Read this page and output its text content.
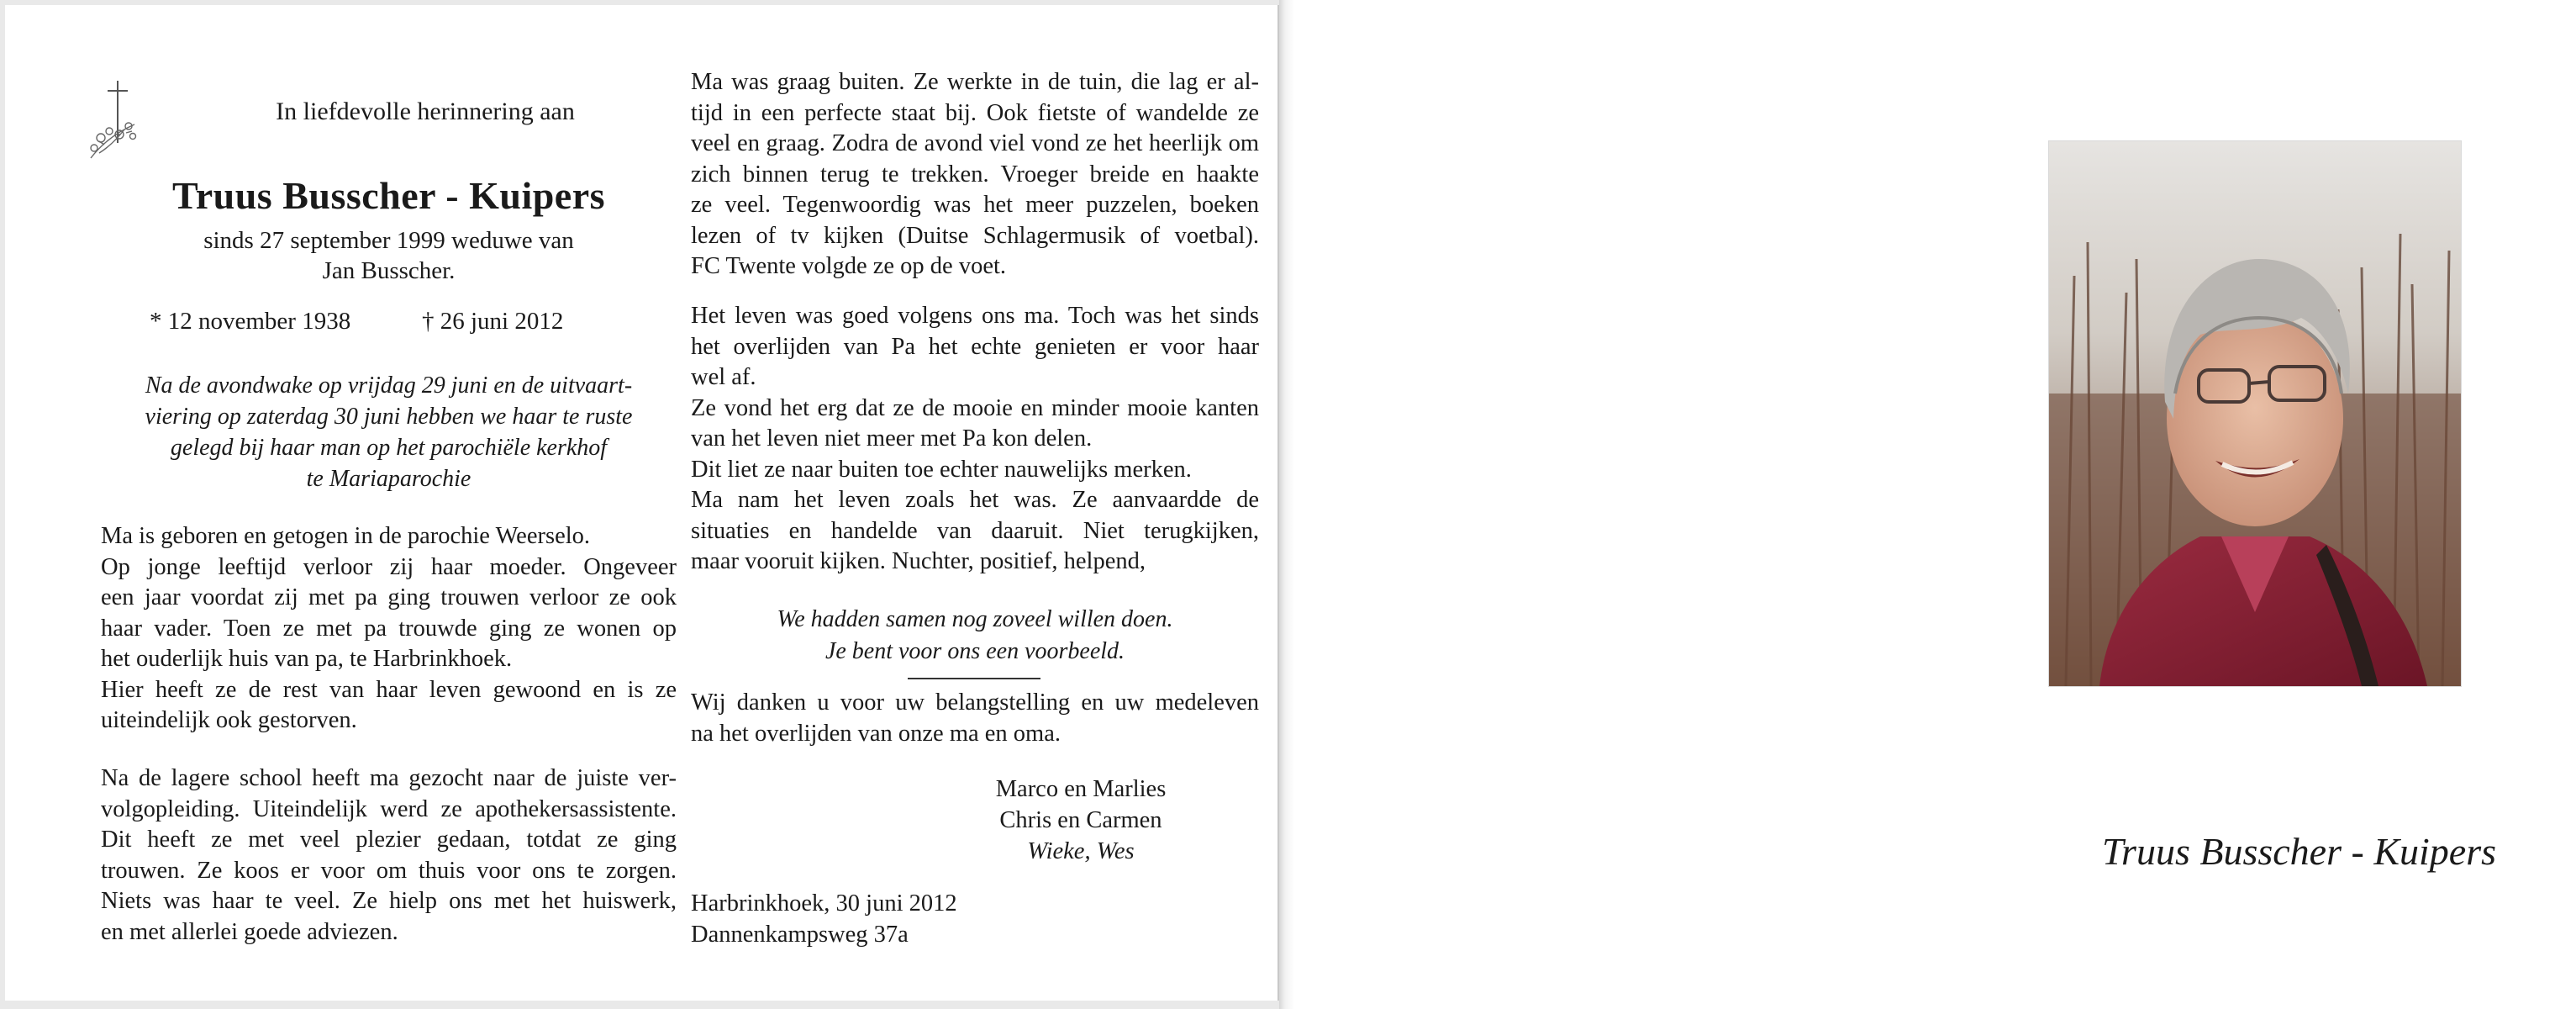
In liefdevolle herinnering aan
Truus Busscher - Kuipers
sinds 27 september 1999 weduwe van
Jan Busscher.
* 12 november 1938	† 26 juni 2012
Na de avondwake op vrijdag 29 juni en de uitvaart-
viering op zaterdag 30 juni hebben we haar te ruste
gelegd bij haar man op het parochiële kerkhof
te Mariaparochie
Ma is geboren en getogen in de parochie Weerselo.
Op jonge leeftijd verloor zij haar moeder. Ongeveer
een jaar voordat zij met pa ging trouwen verloor ze ook
haar vader. Toen ze met pa trouwde ging ze wonen op
het ouderlijk huis van pa, te Harbrinkhoek.
Hier heeft ze de rest van haar leven gewoond en is ze
uiteindelijk ook gestorven.
Na de lagere school heeft ma gezocht naar de juiste ver-
volgopleiding. Uiteindelijk werd ze apothekersassistente.
Dit heeft ze met veel plezier gedaan, totdat ze ging
trouwen. Ze koos er voor om thuis voor ons te zorgen.
Niets was haar te veel. Ze hielp ons met het huiswerk,
en met allerlei goede adviezen.
Ma was graag buiten. Ze werkte in de tuin, die lag er al-
tijd in een perfecte staat bij. Ook fietste of wandelde ze
veel en graag. Zodra de avond viel vond ze het heerlijk om
zich binnen terug te trekken. Vroeger breide en haakte
ze veel. Tegenwoordig was het meer puzzelen, boeken
lezen of tv kijken (Duitse Schlagermusik of voetbal).
FC Twente volgde ze op de voet.
Het leven was goed volgens ons ma. Toch was het sinds
het overlijden van Pa het echte genieten er voor haar
wel af.
Ze vond het erg dat ze de mooie en minder mooie kanten
van het leven niet meer met Pa kon delen.
Dit liet ze naar buiten toe echter nauwelijks merken.
Ma nam het leven zoals het was. Ze aanvaardde de
situaties en handelde van daaruit. Niet terugkijken,
maar vooruit kijken. Nuchter, positief, helpend,
We hadden samen nog zoveel willen doen.
Je bent voor ons een voorbeeld.
Wij danken u voor uw belangstelling en uw medeleven
na het overlijden van onze ma en oma.
Marco en Marlies
Chris en Carmen
Wieke, Wes
Harbrinkhoek, 30 juni 2012
Dannenkampsweg 37a
Truus Busscher - Kuipers
